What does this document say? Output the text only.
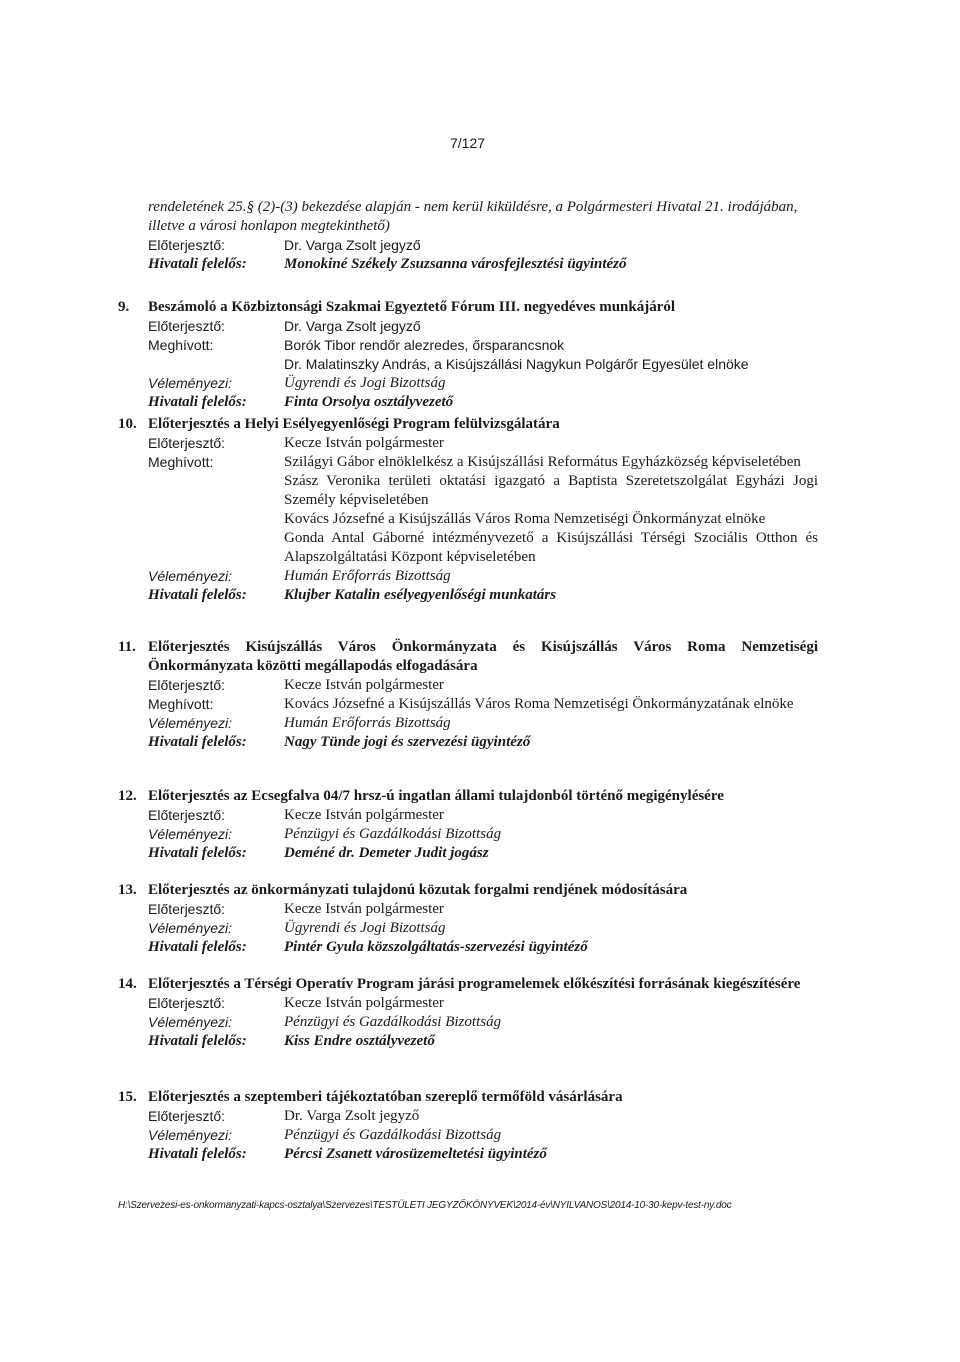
7/127
rendeletének 25.§ (2)-(3) bekezdése alapján - nem kerül kiküldésre, a Polgármesteri Hivatal 21. irodájában, illetve a városi honlapon megtekinthető)
Előterjesztő:	Dr. Varga Zsolt jegyző
Hivatali felelős:	Monokiné Székely Zsuzsanna városfejlesztési ügyintéző
9.	Beszámoló a Közbiztonsági Szakmai Egyeztető Fórum III. negyedéves munkájáról
Előterjesztő:	Dr. Varga Zsolt jegyző
Meghívott:	Borók Tibor rendőr alezredes, őrsparancsnok
Dr. Malatinszky András, a Kisújszállási Nagykun Polgárőr Egyesület elnöke
Véleményezi:	Ügyrendi és Jogi Bizottság
Hivatali felelős:	Finta Orsolya osztályvezető
10. Előterjesztés a Helyi Esélyegyenlőségi Program felülvizsgálatára
Előterjesztő:	Kecze István polgármester
Meghívott:	Szilágyi Gábor elnöklelkész a Kisújszállási Református Egyházközség képviseletében
Szász Veronika területi oktatási igazgató a Baptista Szeretetszolgálat Egyházi Jogi Személy képviseletében
Kovács Józsefné a Kisújszállás Város Roma Nemzetiségi Önkormányzat elnöke
Gonda Antal Gáborné intézményvezető a Kisújszállási Térségi Szociális Otthon és Alapszolgáltatási Központ képviseletében
Véleményezi:	Humán Erőforrás Bizottság
Hivatali felelős:	Klujber Katalin esélyegyenlőségi munkatárs
11. Előterjesztés Kisújszállás Város Önkormányzata és Kisújszállás Város Roma Nemzetiségi Önkormányzata közötti megállapodás elfogadására
Előterjesztő:	Kecze István polgármester
Meghívott:	Kovács Józsefné a Kisújszállás Város Roma Nemzetiségi Önkormányzatának elnöke
Véleményezi:	Humán Erőforrás Bizottság
Hivatali felelős:	Nagy Tünde jogi és szervezési ügyintéző
12. Előterjesztés az Ecsegfalva 04/7 hrsz-ú ingatlan állami tulajdonból történő megigénylésére
Előterjesztő:	Kecze István polgármester
Véleményezi:	Pénzügyi és Gazdálkodási Bizottság
Hivatali felelős:	Deméné dr. Demeter Judit jogász
13. Előterjesztés az önkormányzati tulajdonú közutak forgalmi rendjének módosítására
Előterjesztő:	Kecze István polgármester
Véleményezi:	Ügyrendi és Jogi Bizottság
Hivatali felelős:	Pintér Gyula közszolgáltatás-szervezési ügyintéző
14. Előterjesztés a Térségi Operatív Program járási programelemek előkészítési forrásának kiegészítésére
Előterjesztő:	Kecze István polgármester
Véleményezi:	Pénzügyi és Gazdálkodási Bizottság
Hivatali felelős:	Kiss Endre osztályvezető
15. Előterjesztés a szeptemberi tájékoztatóban szereplő termőföld vásárlására
Előterjesztő:	Dr. Varga Zsolt jegyző
Véleményezi:	Pénzügyi és Gazdálkodási Bizottság
Hivatali felelős:	Pércsi Zsanett városüzemeltetési ügyintéző
H:\Szervezesi-es-onkormanyzati-kapcs-osztalya\Szervezes\TESTÜLETI JEGYZŐKÖNYVEK\2014-év\NYILVANOS\2014-10-30-kepv-test-ny.doc
